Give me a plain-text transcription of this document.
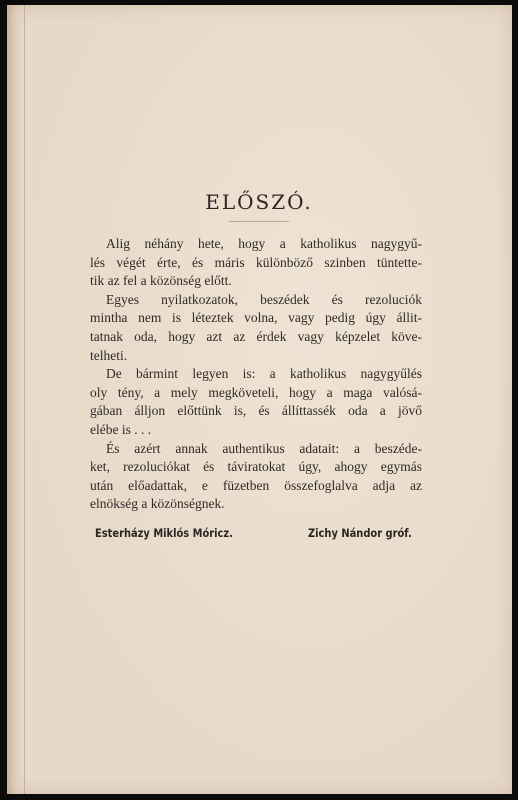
ELŐSZÓ.
Alig néhány hete, hogy a katholikus nagygyű-
lés végét érte, és máris különböző szinben tüntette-
tik az fel a közönség előtt.
Egyes nyilatkozatok, beszédek és rezoluciók
mintha nem is léteztek volna, vagy pedig úgy állit-
tatnak oda, hogy azt az érdek vagy képzelet köve-
telheti.
De bármint legyen is: a katholikus nagygyűlés
oly tény, a mely megköveteli, hogy a maga valósá-
gában álljon előttünk is, és állíttassék oda a jövő
elébe is . . .
És azért annak authentikus adatait: a beszéde-
ket, rezoluciókat és táviratokat úgy, ahogy egymás
után előadattak, e füzetben összefoglalva adja az
elnökség a közönségnek.
Esterházy Miklós Móricz.	Zichy Nándor gróf.
